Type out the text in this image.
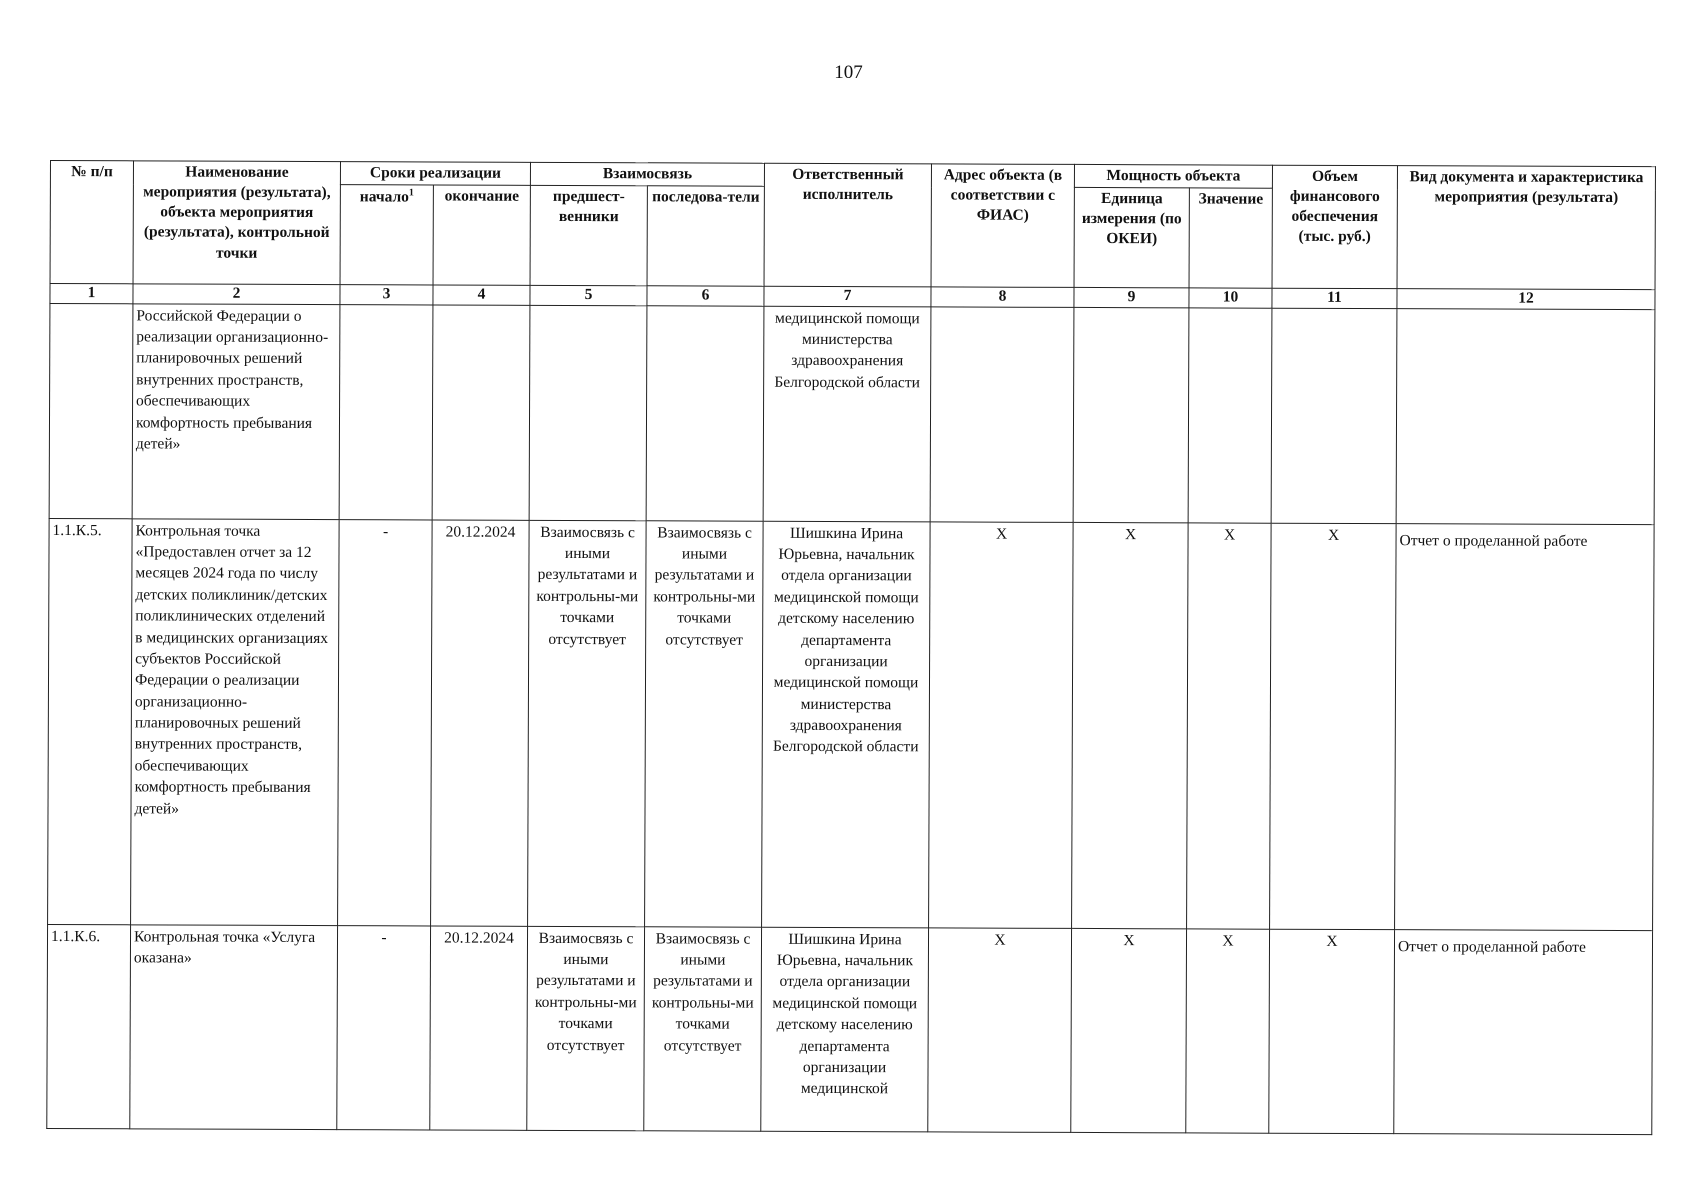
107
№ п/п	Наименование мероприятия (результата), объекта мероприятия (результата), контрольной точки	Сроки реализации		Взаимосвязь		Ответственный исполнитель	Адрес объекта (в соответствии с ФИАС)	Мощность объекта		Объем финансового обеспечения (тыс. руб.)	Вид документа и характеристика мероприятия (результата)
		начало$^1$	окончание	предшест-венники	последова-тели			Единица измерения (по ОКЕИ)	Значение		
1	2	3	4	5	6	7	8	9	10	11	12
	Российской Федерации о реализации организационно-планировочных решений внутренних пространств, обеспечивающих комфортность пребывания детей»					медицинской помощи министерства здравоохранения Белгородской области					
1.1.К.5.	Контрольная точка «Предоставлен отчет за 12 месяцев 2024 года по числу детских поликлиник/детских поликлинических отделений в медицинских организациях субъектов Российской Федерации о реализации организационно-планировочных решений внутренних пространств, обеспечивающих комфортность пребывания детей»	-	20.12.2024	Взаимосвязь с иными результатами и контрольны-ми точками отсутствует	Взаимосвязь с иными результатами и контрольны-ми точками отсутствует	Шишкина Ирина Юрьевна, начальник отдела организации медицинской помощи детскому населению департамента организации медицинской помощи министерства здравоохранения Белгородской области	X	X	X	X	Отчет о проделанной работе
1.1.К.6.	Контрольная точка «Услуга оказана»	-	20.12.2024	Взаимосвязь с иными результатами и контрольны-ми точками отсутствует	Взаимосвязь с иными результатами и контрольны-ми точками отсутствует	Шишкина Ирина Юрьевна, начальник отдела организации медицинской помощи детскому населению департамента организации медицинской	X	X	X	X	Отчет о проделанной работе
